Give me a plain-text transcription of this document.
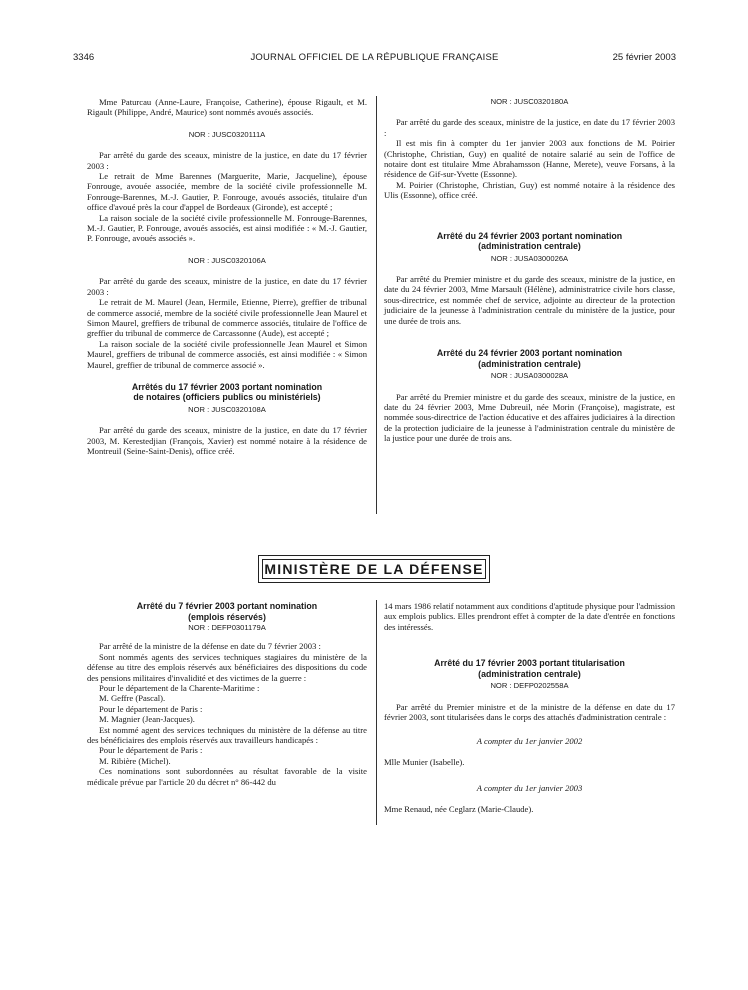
3346	JOURNAL OFFICIEL DE LA RÉPUBLIQUE FRANÇAISE	25 février 2003

Mme Paturcau (Anne-Laure, Françoise, Catherine), épouse Rigault, et M. Rigault (Philippe, André, Maurice) sont nommés avoués associés.

NOR : JUSC0320111A

Par arrêté du garde des sceaux, ministre de la justice, en date du 17 février 2003 :

Le retrait de Mme Barennes (Marguerite, Marie, Jacqueline), épouse Fonrouge, avouée associée, membre de la société civile professionnelle M. Fonrouge-Barennes, M.-J. Gautier, P. Fonrouge, avoués associés, titulaire d'un office d'avoué près la cour d'appel de Bordeaux (Gironde), est accepté ;

La raison sociale de la société civile professionnelle M. Fonrouge-Barennes, M.-J. Gautier, P. Fonrouge, avoués associés, est ainsi modifiée : « M.-J. Gautier, P. Fonrouge, avoués associés ».

NOR : JUSC0320106A

Par arrêté du garde des sceaux, ministre de la justice, en date du 17 février 2003 :

Le retrait de M. Maurel (Jean, Hermile, Etienne, Pierre), greffier de tribunal de commerce associé, membre de la société civile professionnelle Jean Maurel et Simon Maurel, greffiers de tribunal de commerce associés, titulaire de l'office de greffier du tribunal de commerce de Carcassonne (Aude), est accepté ;

La raison sociale de la société civile professionnelle Jean Maurel et Simon Maurel, greffiers de tribunal de commerce associés, est ainsi modifiée : « Simon Maurel, greffier de tribunal de commerce associé ».

Arrêtés du 17 février 2003 portant nomination
de notaires (officiers publics ou ministériels)
NOR : JUSC0320108A

Par arrêté du garde des sceaux, ministre de la justice, en date du 17 février 2003, M. Kerestedjian (François, Xavier) est nommé notaire à la résidence de Montreuil (Seine-Saint-Denis), office créé.

NOR : JUSC0320180A

Par arrêté du garde des sceaux, ministre de la justice, en date du 17 février 2003 :

Il est mis fin à compter du 1er janvier 2003 aux fonctions de M. Poirier (Christophe, Christian, Guy) en qualité de notaire salarié au sein de l'office de notaire dont est titulaire Mme Abrahamsson (Hanne, Merete), veuve Forsans, à la résidence de Gif-sur-Yvette (Essonne).

M. Poirier (Christophe, Christian, Guy) est nommé notaire à la résidence des Ulis (Essonne), office créé.

Arrêté du 24 février 2003 portant nomination
(administration centrale)
NOR : JUSA0300026A

Par arrêté du Premier ministre et du garde des sceaux, ministre de la justice, en date du 24 février 2003, Mme Marsault (Hélène), administratrice civile hors classe, sous-directrice, est nommée chef de service, adjointe au directeur de la protection judiciaire de la jeunesse à l'administration centrale du ministère de la justice, pour une durée de trois ans.

Arrêté du 24 février 2003 portant nomination
(administration centrale)
NOR : JUSA0300028A

Par arrêté du Premier ministre et du garde des sceaux, ministre de la justice, en date du 24 février 2003, Mme Dubreuil, née Morin (Françoise), magistrate, est nommée sous-directrice de l'action éducative et des affaires judiciaires à la direction de la protection judiciaire de la jeunesse à l'administration centrale du ministère de la justice pour une durée de trois ans.

MINISTÈRE DE LA DÉFENSE
Arrêté du 7 février 2003 portant nomination
(emplois réservés)
NOR : DEFP0301179A

Par arrêté de la ministre de la défense en date du 7 février 2003 :

Sont nommés agents des services techniques stagiaires du ministère de la défense au titre des emplois réservés aux bénéficiaires des dispositions du code des pensions militaires d'invalidité et des victimes de la guerre :

Pour le département de la Charente-Maritime :

M. Geffre (Pascal).

Pour le département de Paris :

M. Magnier (Jean-Jacques).

Est nommé agent des services techniques du ministère de la défense au titre des bénéficiaires des emplois réservés aux travailleurs handicapés :

Pour le département de Paris :

M. Ribière (Michel).

Ces nominations sont subordonnées au résultat favorable de la visite médicale prévue par l'article 20 du décret n° 86-442 du

14 mars 1986 relatif notamment aux conditions d'aptitude physique pour l'admission aux emplois publics. Elles prendront effet à compter de la date d'entrée en fonctions des intéressés.

Arrêté du 17 février 2003 portant titularisation
(administration centrale)
NOR : DEFP0202558A

Par arrêté du Premier ministre et de la ministre de la défense en date du 17 février 2003, sont titularisées dans le corps des attachés d'administration centrale :

A compter du 1er janvier 2002

Mlle Munier (Isabelle).

A compter du 1er janvier 2003

Mme Renaud, née Ceglarz (Marie-Claude).
